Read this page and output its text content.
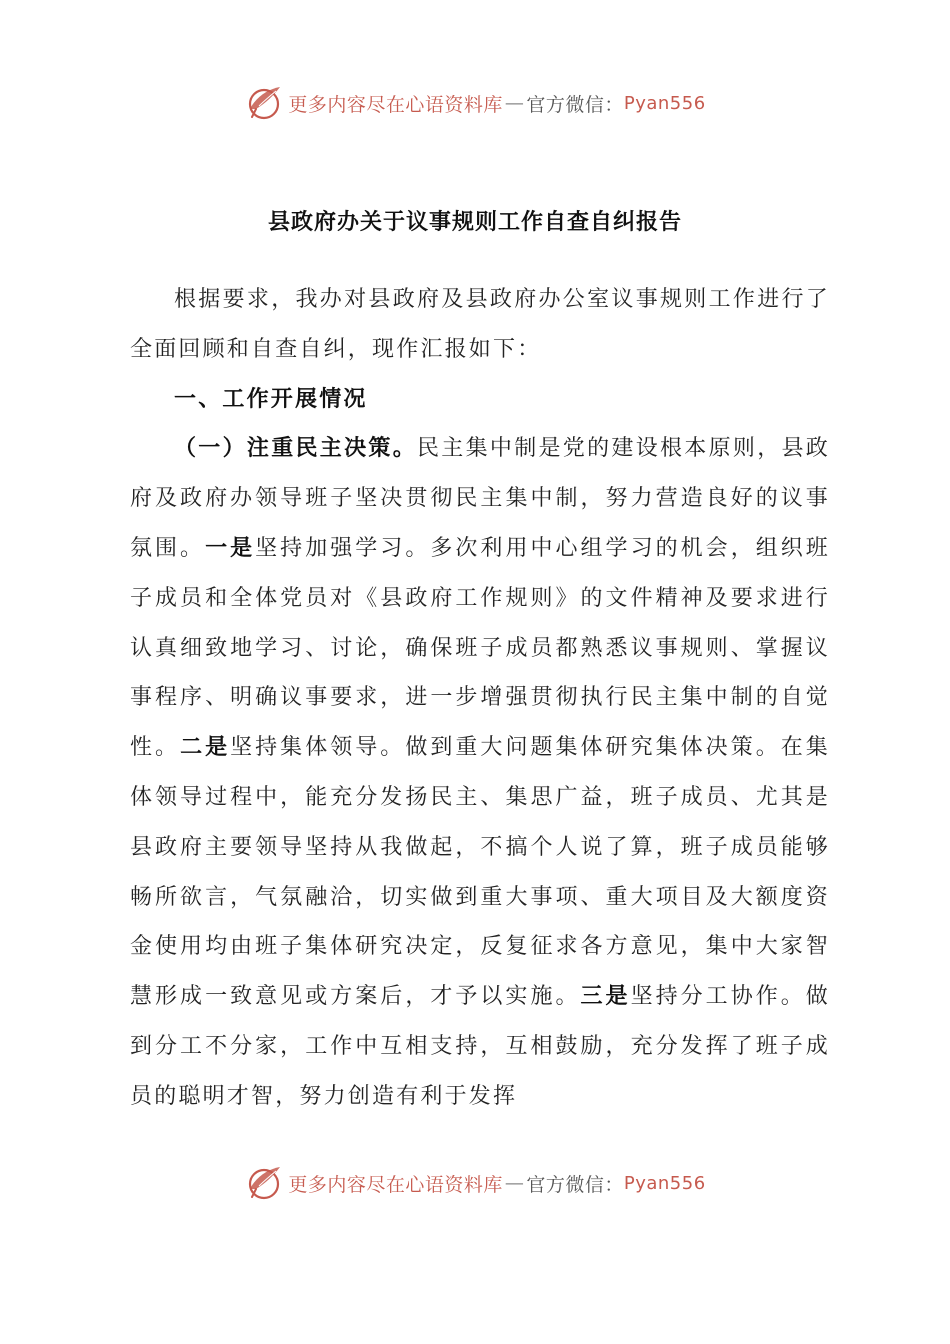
更多内容尽在心语资料库 — 官方微信： Pyan556
县政府办关于议事规则工作自查自纠报告

根据要求，我办对县政府及县政府办公室议事规则工作进行了全面回顾和自查自纠，现作汇报如下：

一、工作开展情况

（一）注重民主决策。民主集中制是党的建设根本原则，县政府及政府办领导班子坚决贯彻民主集中制，努力营造良好的议事氛围。一是坚持加强学习。多次利用中心组学习的机会，组织班子成员和全体党员对《县政府工作规则》的文件精神及要求进行认真细致地学习、讨论，确保班子成员都熟悉议事规则、掌握议事程序、明确议事要求，进一步增强贯彻执行民主集中制的自觉性。二是坚持集体领导。做到重大问题集体研究集体决策。在集体领导过程中，能充分发扬民主、集思广益，班子成员、尤其是县政府主要领导坚持从我做起，不搞个人说了算，班子成员能够畅所欲言，气氛融洽，切实做到重大事项、重大项目及大额度资金使用均由班子集体研究决定，反复征求各方意见，集中大家智慧形成一致意见或方案后，才予以实施。三是坚持分工协作。做到分工不分家，工作中互相支持，互相鼓励，充分发挥了班子成员的聪明才智，努力创造有利于发挥

更多内容尽在心语资料库 — 官方微信： Pyan556
